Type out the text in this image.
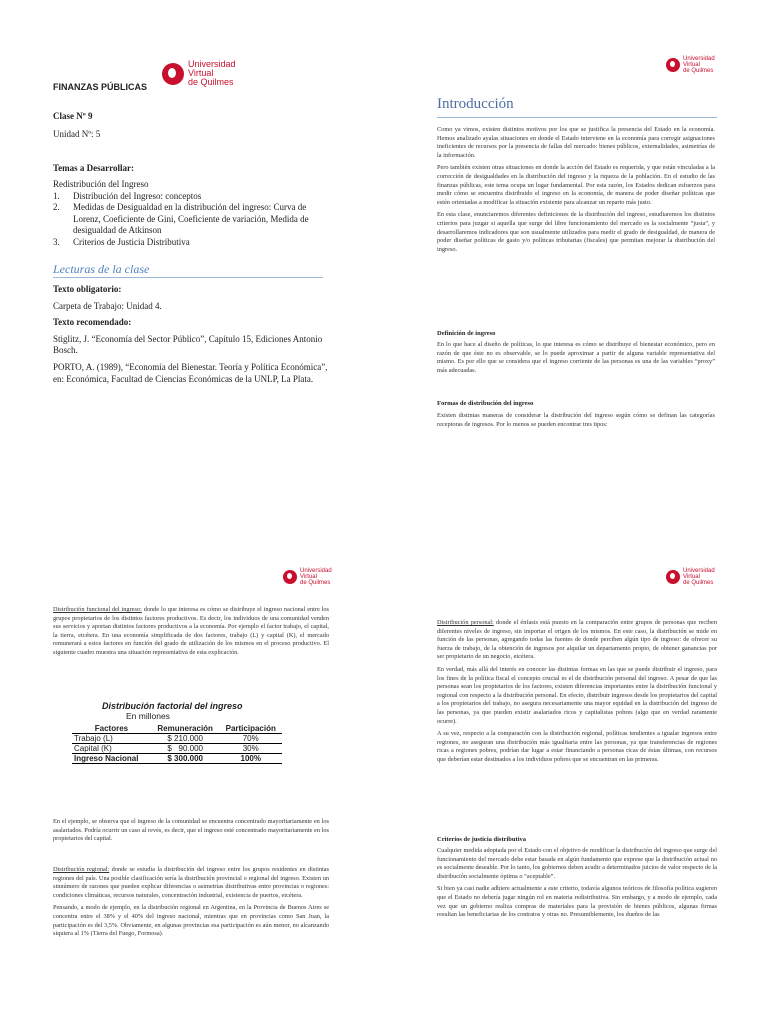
Universidad
Virtual
de Quilmes
FINANZAS PÚBLICAS
Clase Nº 9
Unidad Nº: 5
Temas a Desarrollar:
Redistribución del Ingreso
1.	Distribución del Ingreso: conceptos
2.	Medidas de Desigualdad en la distribución del ingreso: Curva de Lorenz, Coeficiente de Gini, Coeficiente de variación, Medida de desigualdad de Atkinson
3.	Criterios de Justicia Distributiva
Lecturas de la clase

Texto obligatorio:

Carpeta de Trabajo: Unidad 4.

Texto recomendado:

Stiglitz, J. “Economía del Sector Público”, Capítulo 15, Ediciones Antonio Bosch.

PORTO, A. (1989), “Economía del Bienestar. Teoría y Política Económica”, en: Económica, Facultad de Ciencias Económicas de la UNLP, La Plata.

Universidad
Virtual
de Quilmes
Introducción

Como ya vimos, existen distintos motivos por los que se justifica la presencia del Estado en la economía. Hemos analizado ayalas situaciones en donde el Estado interviene en la economía para corregir asignaciones ineficientes de recursos por la presencia de fallas del mercado: bienes públicos, externalidades, asimetrías de la información.

Pero también existen otras situaciones en donde la acción del Estado es requerida, y que están vinculadas a la corrección de desigualdades en la distribución del ingreso y la riqueza de la población. En el estudio de las finanzas públicas, este tema ocupa un lugar fundamental. Por esta razón, los Estados dedican esfuerzos para medir cómo se encuentra distribuido el ingreso en la economía, de manera de poder diseñar políticas que estén orientadas a modificar la situación existente para alcanzar un reparto más justo.

En esta clase, enunciaremos diferentes definiciones de la distribución del ingreso, estudiaremos los distintos criterios para juzgar si aquella que surge del libre funcionamiento del mercado es la socialmente “justa”, y desarrollaremos indicadores que son usualmente utilizados para medir el grado de desigualdad, de manera de poder diseñar políticas de gasto y/o políticas tributarias (fiscales) que permitan mejorar la distribución del ingreso.

Definición de ingreso

En lo que hace al diseño de políticas, lo que interesa es cómo se distribuye el bienestar económico, pero en razón de que éste no es observable, se lo puede aproximar a partir de alguna variable representativa del mismo. Es por ello que se considera que el ingreso corriente de las personas es una de las variables “proxy” más adecuadas.

Formas de distribución del ingreso

Existen distintas maneras de considerar la distribución del ingreso según cómo se definan las categorías receptoras de ingresos. Por lo menos se pueden encontrar tres tipos:

Universidad
Virtual
de Quilmes

Distribución funcional del ingreso: donde lo que interesa es cómo se distribuye el ingreso nacional entre los grupos propietarios de los distintos factores productivos. Es decir, los individuos de una comunidad venden sus servicios y aportan distintos factores productivos a la economía. Por ejemplo el factor trabajo, el capital, la tierra, etcétera. En una economía simplificada de dos factores, trabajo (L) y capital (K), el mercado remunerará a estos factores en función del grado de utilización de los mismos en el proceso productivo. El siguiente cuadro muestra una situación representativa de esta explicación.

Distribución factorial del ingreso
En millones
Factores	Remuneración	Participación
Trabajo (L)	$ 210.000	70%
Capital (K)	$   90.000	30%
Ingreso Nacional	$ 300.000	100%

En el ejemplo, se observa que el ingreso de la comunidad se encuentra concentrado mayoritariamente en los asalariados. Podría ocurrir un caso al revés, es decir, que el ingreso esté concentrado mayoritariamente en los propietarios del capital.

Distribución regional: donde se estudia la distribución del ingreso entre los grupos residentes en distintas regiones del país. Una posible clasificación sería la distribución provincial o regional del ingreso. Existen un sinnúmero de razones que pueden explicar diferencias o asimetrías distributivas entre provincias o regiones: condiciones climáticas, recursos naturales, concentración industrial, existencia de puertos, etcétera.

Pensando, a modo de ejemplo, en la distribución regional en Argentina, en la Provincia de Buenos Aires se concentra entre el 38% y el 40% del ingreso nacional, mientras que en provincias como San Juan, la participación es del 3,5%. Obviamente, en algunas provincias esa participación es aún menor, no alcanzando siquiera al 1% (Tierra del Fuego, Formosa).

Universidad
Virtual
de Quilmes

Distribución personal: donde el énfasis está puesto en la comparación entre grupos de personas que reciben diferentes niveles de ingreso, sin importar el origen de los mismos. En este caso, la distribución se mide en función de las personas, agregando todas las fuentes de donde perciben algún tipo de ingreso: de ofrecer su fuerza de trabajo, de la obtención de ingresos por alquilar un departamento propio, de obtener ganancias por ser propietario de un negocio, etcétera.

En verdad, más allá del interés en conocer las distintas formas en las que se puede distribuir el ingreso, para los fines de la política fiscal el concepto crucial es el de distribución personal del ingreso. A pesar de que las personas sean los propietarios de los factores, existen diferencias importantes entre la distribución funcional y regional con respecto a la distribución personal. En efecto, distribuir ingresos desde los propietarios del capital a los propietarios del trabajo, no asegura necesariamente una mayor equidad en la distribución del ingreso de las personas, ya que pueden existir asalariados ricos y capitalistas pobres (algo que en verdad raramente ocurre).

A su vez, respecto a la comparación con la distribución regional, políticas tendientes a igualar ingresos entre regiones, no aseguran una distribución más igualitaria entre las personas, ya que transferencias de regiones ricas a regiones pobres, podrían dar lugar a estar financiando a personas ricas de éstas últimas, con recursos que deberían estar destinados a los individuos pobres que se encuentran en las primeras.

Criterios de justicia distributiva

Cualquier medida adoptada por el Estado con el objetivo de modificar la distribución del ingreso que surge del funcionamiento del mercado debe estar basada en algún fundamento que exprese que la distribución actual no es socialmente deseable. Por lo tanto, los gobiernos deben acudir a determinados juicios de valor respecto de la distribución socialmente óptima o “aceptable”.

Si bien ya casi nadie adhiere actualmente a este criterio, todavía algunos teóricos de filosofía política sugieren que el Estado no debería jugar ningún rol en materia redistributiva. Sin embargo, y a modo de ejemplo, cada vez que un gobierno realiza compras de materiales para la provisión de bienes públicos, algunas firmas resultan las beneficiarias de los contratos y otras no. Presumiblemente, los dueños de las
